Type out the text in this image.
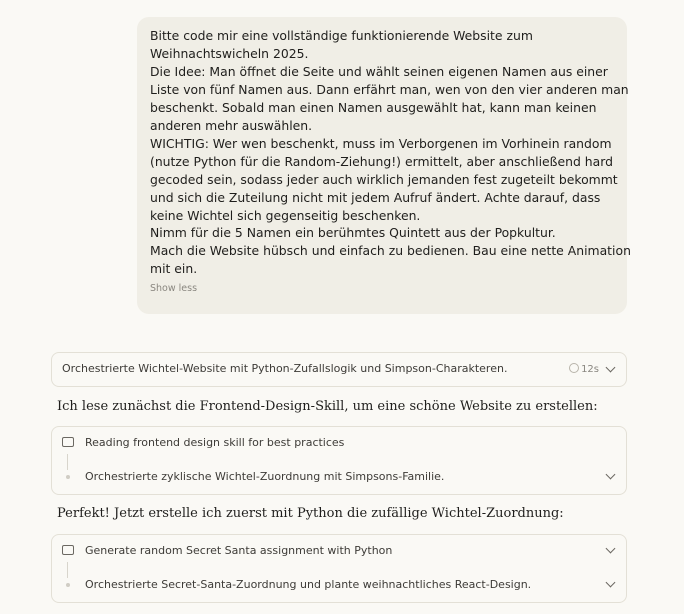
Bitte code mir eine vollständige funktionierende Website zum
Weihnachtswicheln 2025.
Die Idee: Man öffnet die Seite und wählt seinen eigenen Namen aus einer
Liste von fünf Namen aus. Dann erfährt man, wen von den vier anderen man
beschenkt. Sobald man einen Namen ausgewählt hat, kann man keinen
anderen mehr auswählen.
WICHTIG: Wer wen beschenkt, muss im Verborgenen im Vorhinein random
(nutze Python für die Random-Ziehung!) ermittelt, aber anschließend hard
gecoded sein, sodass jeder auch wirklich jemanden fest zugeteilt bekommt
und sich die Zuteilung nicht mit jedem Aufruf ändert. Achte darauf, dass
keine Wichtel sich gegenseitig beschenken.
Nimm für die 5 Namen ein berühmtes Quintett aus der Popkultur.
Mach die Website hübsch und einfach zu bedienen. Bau eine nette Animation
mit ein.
Show less
Orchestrierte Wichtel-Website mit Python-Zufallslogik und Simpson-Charakteren.	12s
Ich lese zunächst die Frontend-Design-Skill, um eine schöne Website zu erstellen:
Reading frontend design skill for best practices
Orchestrierte zyklische Wichtel-Zuordnung mit Simpsons-Familie.
Perfekt! Jetzt erstelle ich zuerst mit Python die zufällige Wichtel-Zuordnung:
Generate random Secret Santa assignment with Python
Orchestrierte Secret-Santa-Zuordnung und plante weihnachtliches React-Design.
